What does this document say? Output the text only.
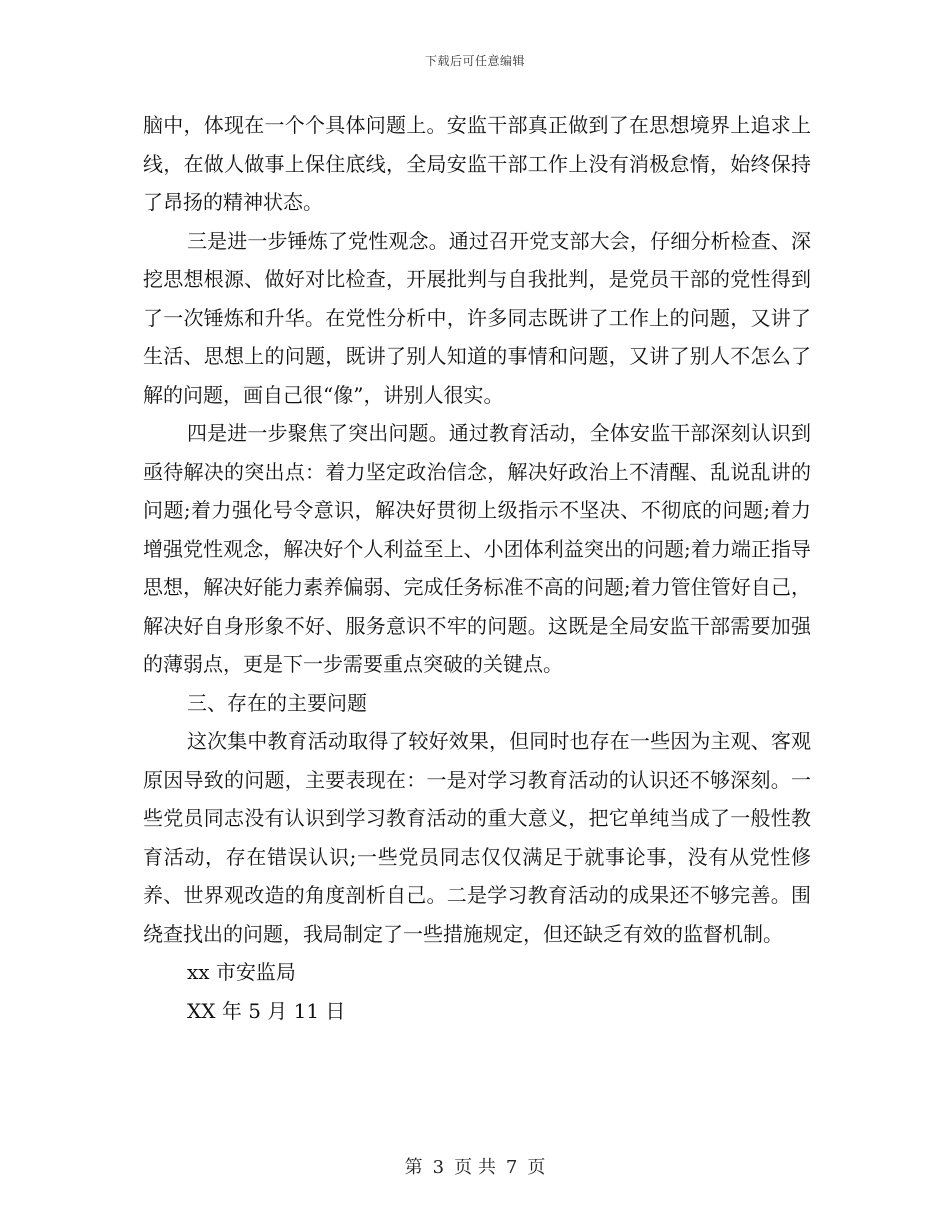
下载后可任意编辑

脑中，体现在一个个具体问题上。安监干部真正做到了在思想境界上追求上线，在做人做事上保住底线，全局安监干部工作上没有消极怠惰，始终保持了昂扬的精神状态。

三是进一步锤炼了党性观念。通过召开党支部大会，仔细分析检查、深挖思想根源、做好对比检查，开展批判与自我批判，是党员干部的党性得到了一次锤炼和升华。在党性分析中，许多同志既讲了工作上的问题，又讲了生活、思想上的问题，既讲了别人知道的事情和问题，又讲了别人不怎么了解的问题，画自己很“像”，讲别人很实。

四是进一步聚焦了突出问题。通过教育活动，全体安监干部深刻认识到亟待解决的突出点：着力坚定政治信念，解决好政治上不清醒、乱说乱讲的问题;着力强化号令意识，解决好贯彻上级指示不坚决、不彻底的问题;着力增强党性观念，解决好个人利益至上、小团体利益突出的问题;着力端正指导思想，解决好能力素养偏弱、完成任务标准不高的问题;着力管住管好自己，解决好自身形象不好、服务意识不牢的问题。这既是全局安监干部需要加强的薄弱点，更是下一步需要重点突破的关键点。

三、存在的主要问题

这次集中教育活动取得了较好效果，但同时也存在一些因为主观、客观原因导致的问题，主要表现在：一是对学习教育活动的认识还不够深刻。一些党员同志没有认识到学习教育活动的重大意义，把它单纯当成了一般性教育活动，存在错误认识;一些党员同志仅仅满足于就事论事，没有从党性修养、世界观改造的角度剖析自己。二是学习教育活动的成果还不够完善。围绕查找出的问题，我局制定了一些措施规定，但还缺乏有效的监督机制。

xx 市安监局

XX 年 5 月 11 日

第 3 页 共 7 页
